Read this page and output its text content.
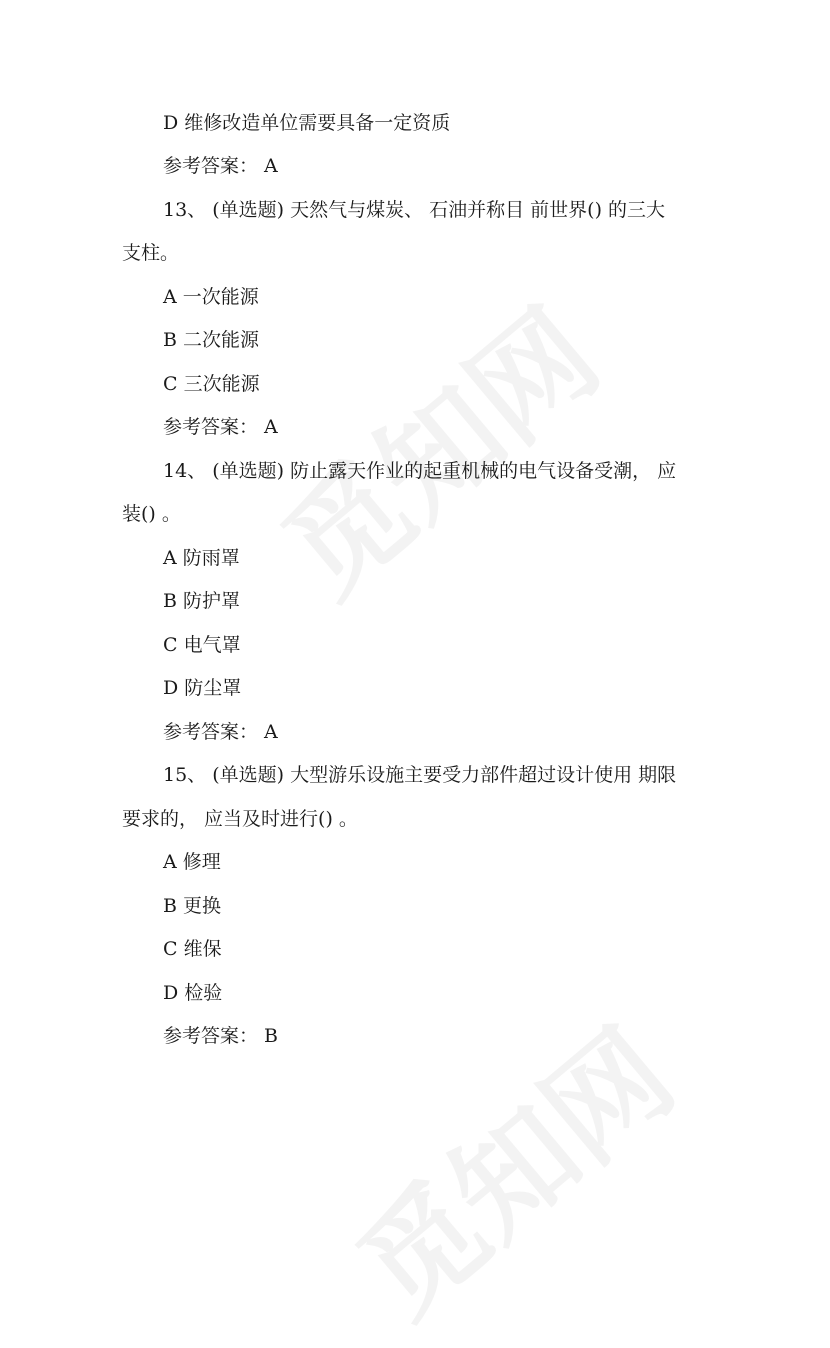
D 维修改造单位需要具备一定资质
参考答案： A
13、 (单选题) 天然气与煤炭、 石油并称目 前世界() 的三大
支柱。
A 一次能源
B 二次能源
C 三次能源
参考答案： A
14、 (单选题) 防止露天作业的起重机械的电气设备受潮， 应
装() 。
A 防雨罩
B 防护罩
C 电气罩
D 防尘罩
参考答案： A
15、 (单选题) 大型游乐设施主要受力部件超过设计使用 期限
要求的， 应当及时进行() 。
A 修理
B 更换
C 维保
D 检验
参考答案： B
